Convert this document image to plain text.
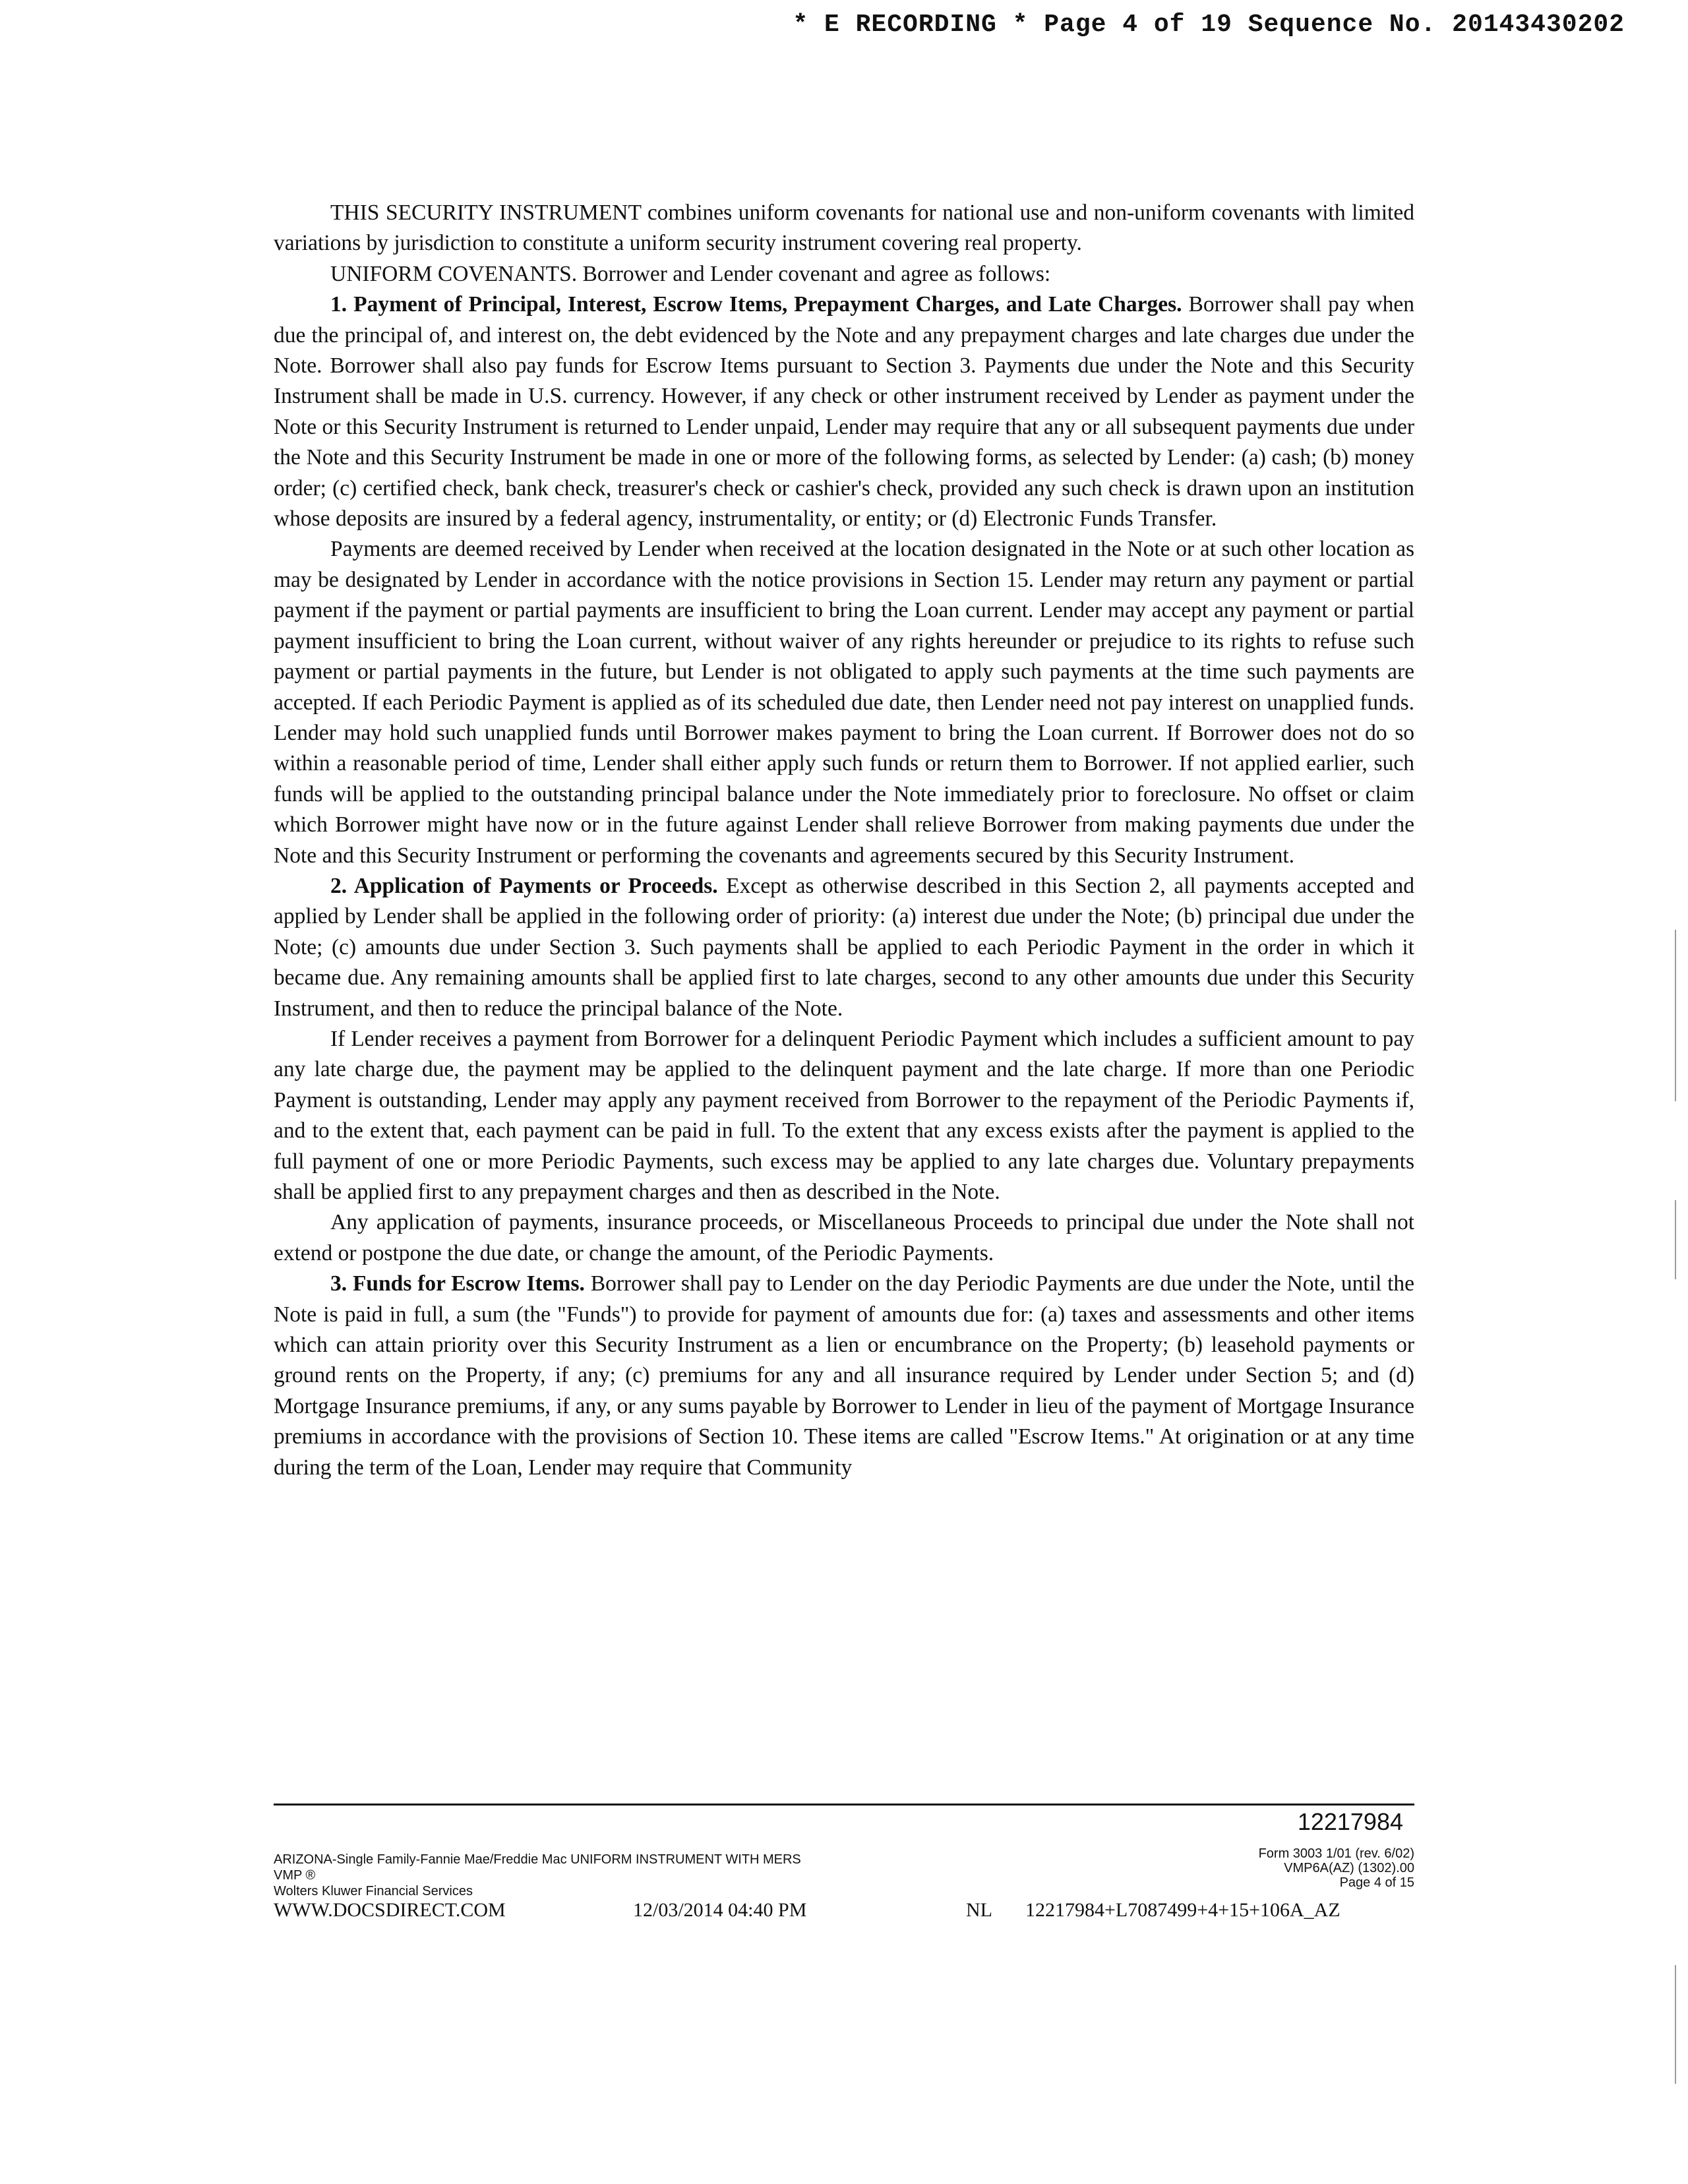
* E RECORDING * Page 4 of 19 Sequence No. 20143430202

THIS SECURITY INSTRUMENT combines uniform covenants for national use and non-uniform covenants with limited variations by jurisdiction to constitute a uniform security instrument covering real property.

UNIFORM COVENANTS. Borrower and Lender covenant and agree as follows:

1. Payment of Principal, Interest, Escrow Items, Prepayment Charges, and Late Charges. Borrower shall pay when due the principal of, and interest on, the debt evidenced by the Note and any prepayment charges and late charges due under the Note. Borrower shall also pay funds for Escrow Items pursuant to Section 3. Payments due under the Note and this Security Instrument shall be made in U.S. currency. However, if any check or other instrument received by Lender as payment under the Note or this Security Instrument is returned to Lender unpaid, Lender may require that any or all subsequent payments due under the Note and this Security Instrument be made in one or more of the following forms, as selected by Lender: (a) cash; (b) money order; (c) certified check, bank check, treasurer's check or cashier's check, provided any such check is drawn upon an institution whose deposits are insured by a federal agency, instrumentality, or entity; or (d) Electronic Funds Transfer.

Payments are deemed received by Lender when received at the location designated in the Note or at such other location as may be designated by Lender in accordance with the notice provisions in Section 15. Lender may return any payment or partial payment if the payment or partial payments are insufficient to bring the Loan current. Lender may accept any payment or partial payment insufficient to bring the Loan current, without waiver of any rights hereunder or prejudice to its rights to refuse such payment or partial payments in the future, but Lender is not obligated to apply such payments at the time such payments are accepted. If each Periodic Payment is applied as of its scheduled due date, then Lender need not pay interest on unapplied funds. Lender may hold such unapplied funds until Borrower makes payment to bring the Loan current. If Borrower does not do so within a reasonable period of time, Lender shall either apply such funds or return them to Borrower. If not applied earlier, such funds will be applied to the outstanding principal balance under the Note immediately prior to foreclosure. No offset or claim which Borrower might have now or in the future against Lender shall relieve Borrower from making payments due under the Note and this Security Instrument or performing the covenants and agreements secured by this Security Instrument.

2. Application of Payments or Proceeds. Except as otherwise described in this Section 2, all payments accepted and applied by Lender shall be applied in the following order of priority: (a) interest due under the Note; (b) principal due under the Note; (c) amounts due under Section 3. Such payments shall be applied to each Periodic Payment in the order in which it became due. Any remaining amounts shall be applied first to late charges, second to any other amounts due under this Security Instrument, and then to reduce the principal balance of the Note.

If Lender receives a payment from Borrower for a delinquent Periodic Payment which includes a sufficient amount to pay any late charge due, the payment may be applied to the delinquent payment and the late charge. If more than one Periodic Payment is outstanding, Lender may apply any payment received from Borrower to the repayment of the Periodic Payments if, and to the extent that, each payment can be paid in full. To the extent that any excess exists after the payment is applied to the full payment of one or more Periodic Payments, such excess may be applied to any late charges due. Voluntary prepayments shall be applied first to any prepayment charges and then as described in the Note.

Any application of payments, insurance proceeds, or Miscellaneous Proceeds to principal due under the Note shall not extend or postpone the due date, or change the amount, of the Periodic Payments.

3. Funds for Escrow Items. Borrower shall pay to Lender on the day Periodic Payments are due under the Note, until the Note is paid in full, a sum (the "Funds") to provide for payment of amounts due for: (a) taxes and assessments and other items which can attain priority over this Security Instrument as a lien or encumbrance on the Property; (b) leasehold payments or ground rents on the Property, if any; (c) premiums for any and all insurance required by Lender under Section 5; and (d) Mortgage Insurance premiums, if any, or any sums payable by Borrower to Lender in lieu of the payment of Mortgage Insurance premiums in accordance with the provisions of Section 10. These items are called "Escrow Items." At origination or at any time during the term of the Loan, Lender may require that Community

12217984
ARIZONA-Single Family-Fannie Mae/Freddie Mac UNIFORM INSTRUMENT WITH MERS
VMP ®
Wolters Kluwer Financial Services
Form 3003 1/01 (rev. 6/02)
VMP6A(AZ) (1302).00
Page 4 of 15
WWW.DOCSDIRECT.COM	12/03/2014 04:40 PM	NL 12217984+L7087499+4+15+106A_AZ
